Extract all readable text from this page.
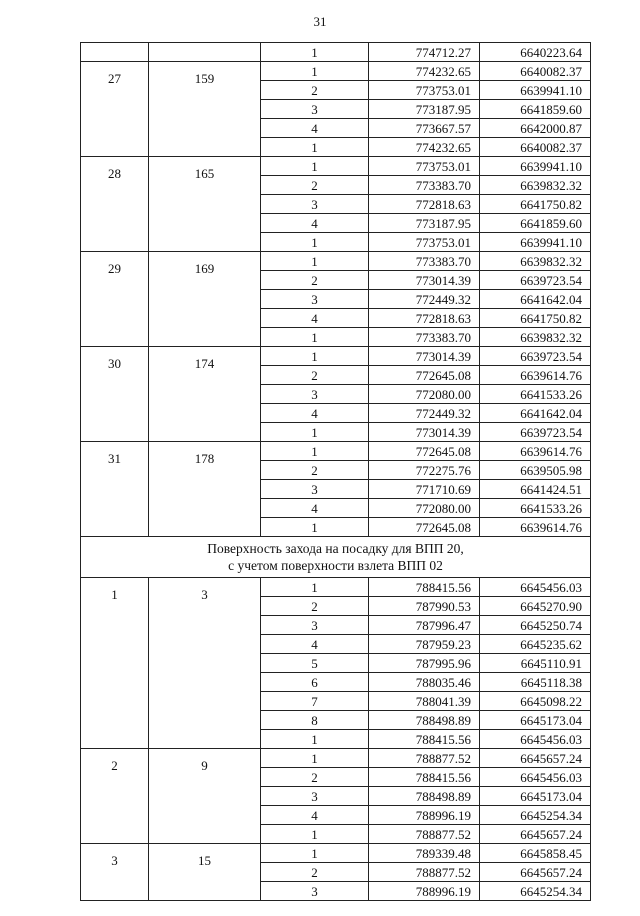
31
		1	774712.27	6640223.64
27	159	1	774232.65	6640082.37
		2	773753.01	6639941.10
		3	773187.95	6641859.60
		4	773667.57	6642000.87
		1	774232.65	6640082.37
28	165	1	773753.01	6639941.10
		2	773383.70	6639832.32
		3	772818.63	6641750.82
		4	773187.95	6641859.60
		1	773753.01	6639941.10
29	169	1	773383.70	6639832.32
		2	773014.39	6639723.54
		3	772449.32	6641642.04
		4	772818.63	6641750.82
		1	773383.70	6639832.32
30	174	1	773014.39	6639723.54
		2	772645.08	6639614.76
		3	772080.00	6641533.26
		4	772449.32	6641642.04
		1	773014.39	6639723.54
31	178	1	772645.08	6639614.76
		2	772275.76	6639505.98
		3	771710.69	6641424.51
		4	772080.00	6641533.26
		1	772645.08	6639614.76

Поверхность захода на посадку для ВПП 20,
с учетом поверхности взлета ВПП 02				

1	3	1	788415.56	6645456.03
		2	787990.53	6645270.90
		3	787996.47	6645250.74
		4	787959.23	6645235.62
		5	787995.96	6645110.91
		6	788035.46	6645118.38
		7	788041.39	6645098.22
		8	788498.89	6645173.04
		1	788415.56	6645456.03
2	9	1	788877.52	6645657.24
		2	788415.56	6645456.03
		3	788498.89	6645173.04
		4	788996.19	6645254.34
		1	788877.52	6645657.24
3	15	1	789339.48	6645858.45
		2	788877.52	6645657.24
		3	788996.19	6645254.34
